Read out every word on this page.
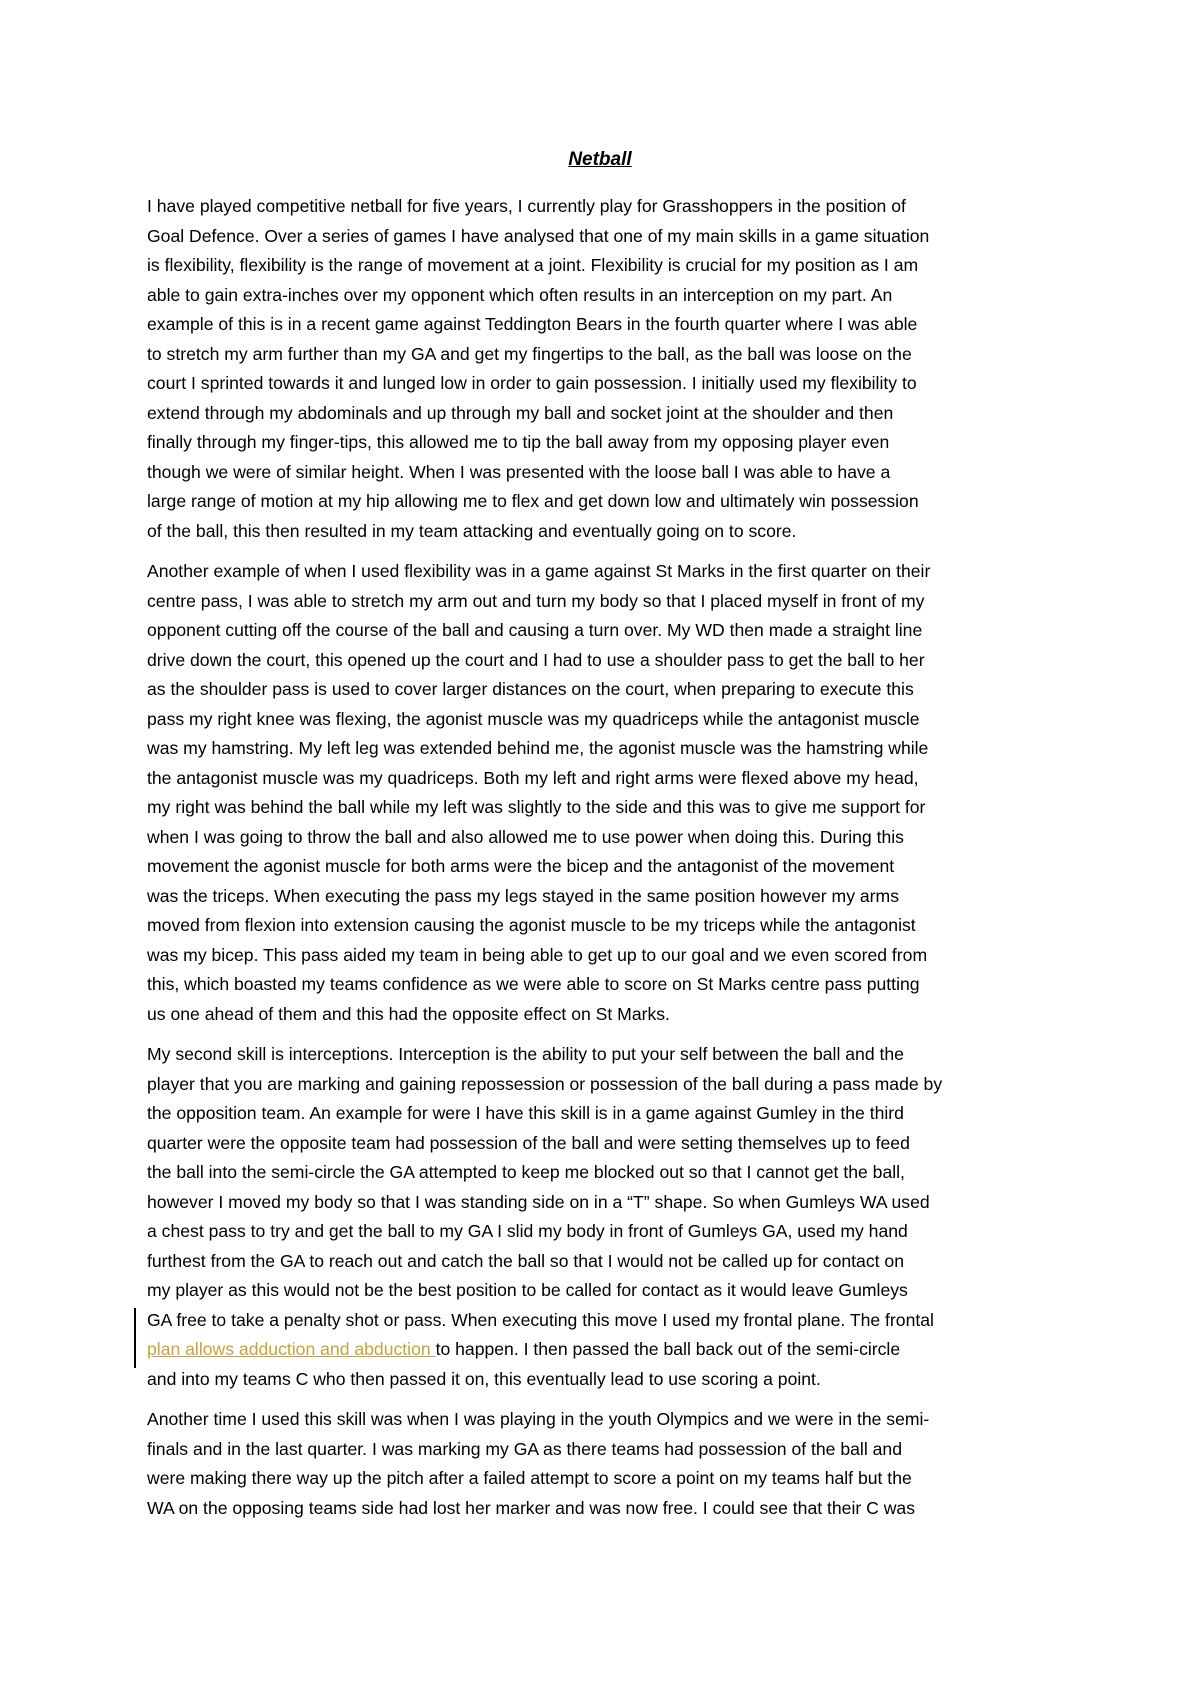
Netball
I have played competitive netball for five years, I currently play for Grasshoppers in the position of
Goal Defence. Over a series of games I have analysed that one of my main skills in a game situation
is flexibility, flexibility is the range of movement at a joint. Flexibility is crucial for my position as I am
able to gain extra-inches over my opponent which often results in an interception on my part. An
example of this is in a recent game against Teddington Bears in the fourth quarter where I was able
to stretch my arm further than my GA and get my fingertips to the ball, as the ball was loose on the
court I sprinted towards it and lunged low in order to gain possession. I initially used my flexibility to
extend through my abdominals and up through my ball and socket joint at the shoulder and then
finally through my finger-tips, this allowed me to tip the ball away from my opposing player even
though we were of similar height. When I was presented with the loose ball I was able to have a
large range of motion at my hip allowing me to flex and get down low and ultimately win possession
of the ball, this then resulted in my team attacking and eventually going on to score.
Another example of when I used flexibility was in a game against St Marks in the first quarter on their
centre pass, I was able to stretch my arm out and turn my body so that I placed myself in front of my
opponent cutting off the course of the ball and causing a turn over. My WD then made a straight line
drive down the court, this opened up the court and I had to use a shoulder pass to get the ball to her
as the shoulder pass is used to cover larger distances on the court, when preparing to execute this
pass my right knee was flexing, the agonist muscle was my quadriceps while the antagonist muscle
was my hamstring. My left leg was extended behind me, the agonist muscle was the hamstring while
the antagonist muscle was my quadriceps. Both my left and right arms were flexed above my head,
my right was behind the ball while my left was slightly to the side and this was to give me support for
when I was going to throw the ball and also allowed me to use power when doing this. During this
movement the agonist muscle for both arms were the bicep and the antagonist of the movement
was the triceps. When executing the pass my legs stayed in the same position however my arms
moved from flexion into extension causing the agonist muscle to be my triceps while the antagonist
was my bicep. This pass aided my team in being able to get up to our goal and we even scored from
this, which boasted my teams confidence as we were able to score on St Marks centre pass putting
us one ahead of them and this had the opposite effect on St Marks.
My second skill is interceptions. Interception is the ability to put your self between the ball and the
player that you are marking and gaining repossession or possession of the ball during a pass made by
the opposition team. An example for were I have this skill is in a game against Gumley in the third
quarter were the opposite team had possession of the ball and were setting themselves up to feed
the ball into the semi-circle the GA attempted to keep me blocked out so that I cannot get the ball,
however I moved my body so that I was standing side on in a “T” shape. So when Gumleys WA used
a chest pass to try and get the ball to my GA I slid my body in front of Gumleys GA, used my hand
furthest from the GA to reach out and catch the ball so that I would not be called up for contact on
my player as this would not be the best position to be called for contact as it would leave Gumleys
GA free to take a penalty shot or pass. When executing this move I used my frontal plane. The frontal
plan allows adduction and abduction to happen. I then passed the ball back out of the semi-circle
and into my teams C who then passed it on, this eventually lead to use scoring a point.
Another time I used this skill was when I was playing in the youth Olympics and we were in the semi-
finals and in the last quarter. I was marking my GA as there teams had possession of the ball and
were making there way up the pitch after a failed attempt to score a point on my teams half but the
WA on the opposing teams side had lost her marker and was now free. I could see that their C was
